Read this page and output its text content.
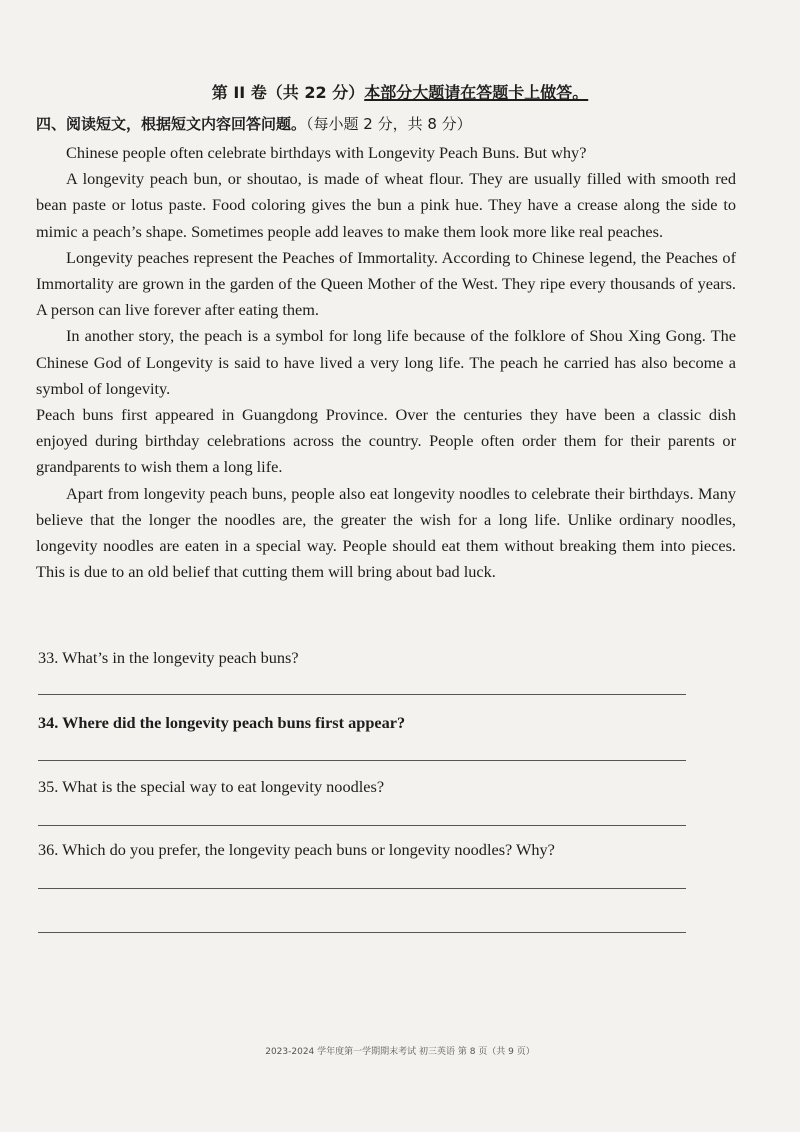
第 II 卷（共 22 分）本部分大题请在答题卡上做答。
四、阅读短文，根据短文内容回答问题。（每小题 2 分，共 8 分）

Chinese people often celebrate birthdays with Longevity Peach Buns. But why?

A longevity peach bun, or shoutao, is made of wheat flour. They are usually filled with smooth red bean paste or lotus paste. Food coloring gives the bun a pink hue. They have a crease along the side to mimic a peach’s shape. Sometimes people add leaves to make them look more like real peaches.

Longevity peaches represent the Peaches of Immortality. According to Chinese legend, the Peaches of Immortality are grown in the garden of the Queen Mother of the West. They ripe every thousands of years. A person can live forever after eating them.

In another story, the peach is a symbol for long life because of the folklore of Shou Xing Gong. The Chinese God of Longevity is said to have lived a very long life. The peach he carried has also become a symbol of longevity.

Peach buns first appeared in Guangdong Province. Over the centuries they have been a classic dish enjoyed during birthday celebrations across the country. People often order them for their parents or grandparents to wish them a long life.

Apart from longevity peach buns, people also eat longevity noodles to celebrate their birthdays. Many believe that the longer the noodles are, the greater the wish for a long life. Unlike ordinary noodles, longevity noodles are eaten in a special way. People should eat them without breaking them into pieces. This is due to an old belief that cutting them will bring about bad luck.

33. What’s in the longevity peach buns?
34. Where did the longevity peach buns first appear?
35. What is the special way to eat longevity noodles?
36. Which do you prefer, the longevity peach buns or longevity noodles? Why?
2023-2024 学年度第一学期期末考试 初三英语 第 8 页（共 9 页）
